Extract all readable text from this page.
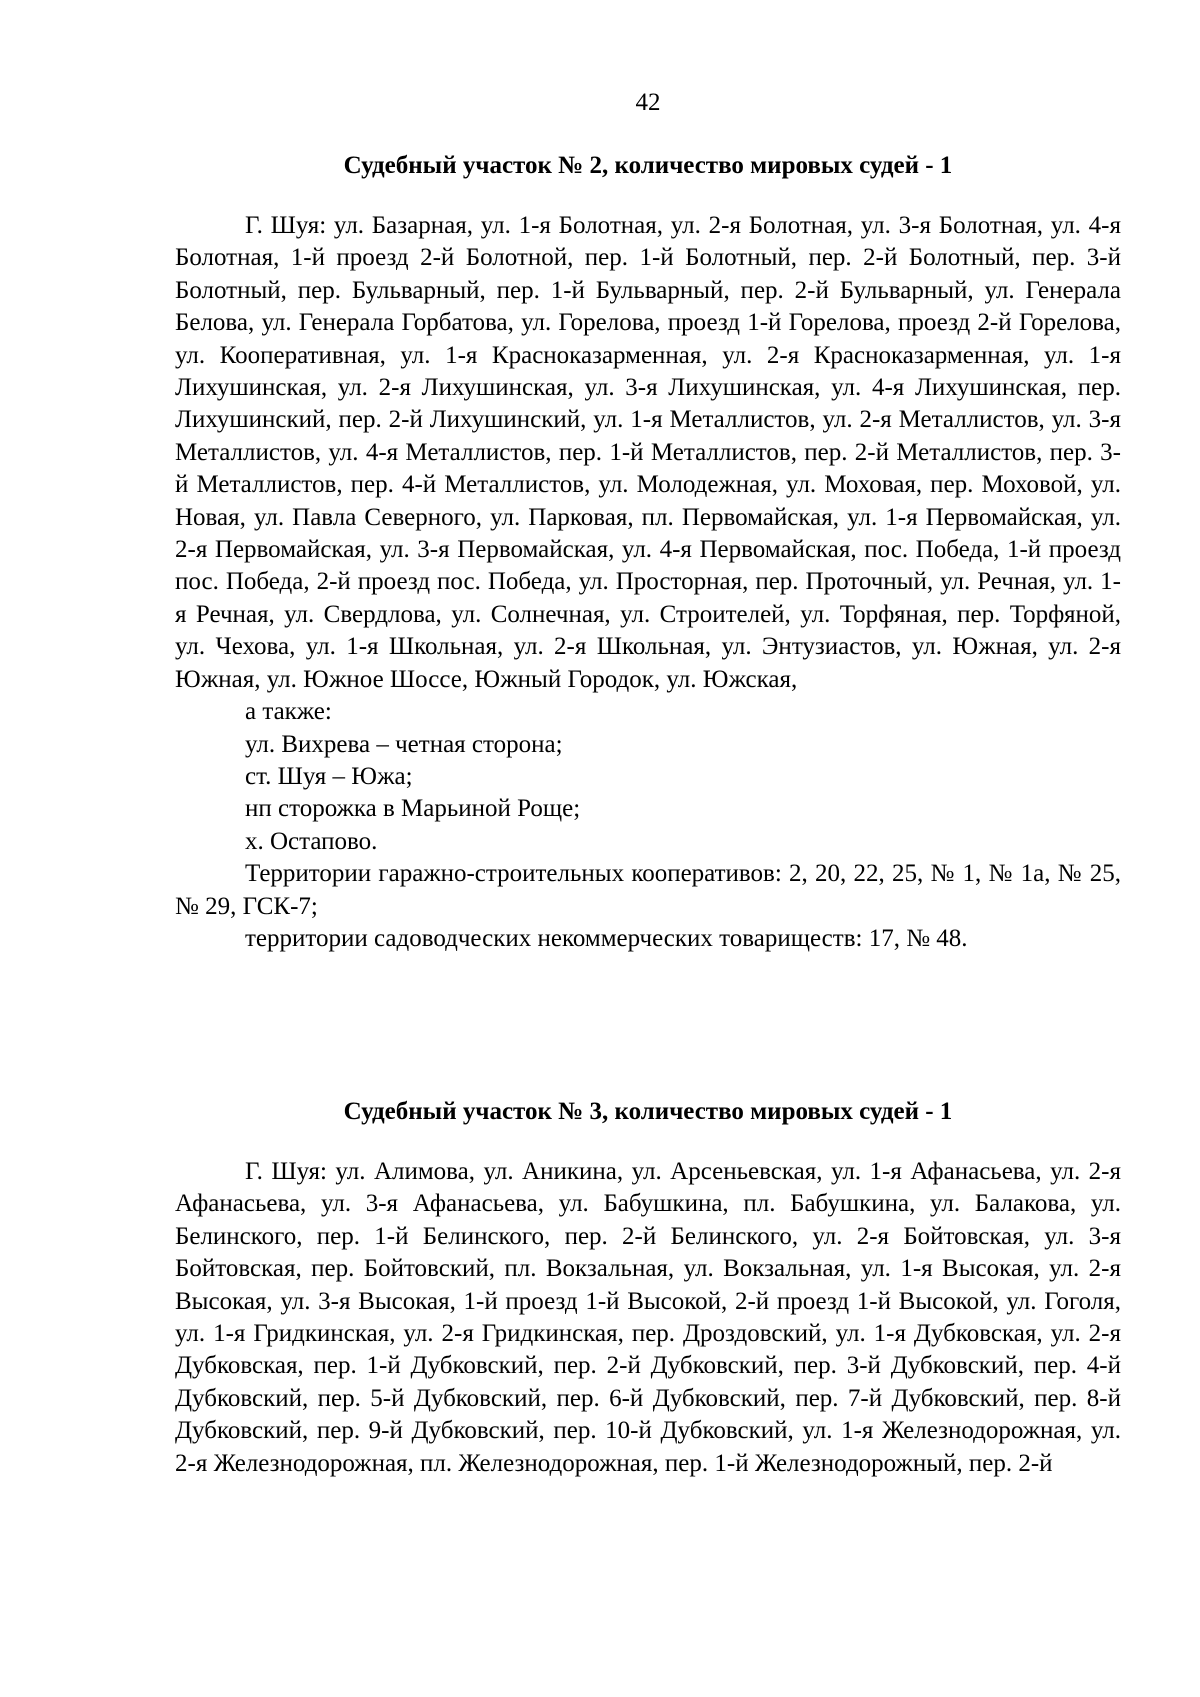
42

Судебный участок № 2, количество мировых судей - 1

Г. Шуя: ул. Базарная, ул. 1-я Болотная, ул. 2-я Болотная, ул. 3-я Болотная, ул. 4-я Болотная, 1-й проезд 2-й Болотной, пер. 1-й Болотный, пер. 2-й Болотный, пер. 3-й Болотный, пер. Бульварный, пер. 1-й Бульварный, пер. 2-й Бульварный, ул. Генерала Белова, ул. Генерала Горбатова, ул. Горелова, проезд 1-й Горелова, проезд 2-й Горелова, ул. Кооперативная, ул. 1-я Красноказарменная, ул. 2-я Красноказарменная, ул. 1-я Лихушинская, ул. 2-я Лихушинская, ул. 3-я Лихушинская, ул. 4-я Лихушинская, пер. Лихушинский, пер. 2-й Лихушинский, ул. 1-я Металлистов, ул. 2-я Металлистов, ул. 3-я Металлистов, ул. 4-я Металлистов, пер. 1-й Металлистов, пер. 2-й Металлистов, пер. 3-й Металлистов, пер. 4-й Металлистов, ул. Молодежная, ул. Моховая, пер. Моховой, ул. Новая, ул. Павла Северного, ул. Парковая, пл. Первомайская, ул. 1-я Первомайская, ул. 2-я Первомайская, ул. 3-я Первомайская, ул. 4-я Первомайская, пос. Победа, 1-й проезд пос. Победа, 2-й проезд пос. Победа, ул. Просторная, пер. Проточный, ул. Речная, ул. 1-я Речная, ул. Свердлова, ул. Солнечная, ул. Строителей, ул. Торфяная, пер. Торфяной, ул. Чехова, ул. 1-я Школьная, ул. 2-я Школьная, ул. Энтузиастов, ул. Южная, ул. 2-я Южная, ул. Южное Шоссе, Южный Городок, ул. Южская,

а также:

ул. Вихрева – четная сторона;

ст. Шуя – Южа;

нп сторожка в Марьиной Роще;

х. Остапово.

Территории гаражно-строительных кооперативов: 2, 20, 22, 25, № 1, № 1а, № 25, № 29, ГСК-7;

территории садоводческих некоммерческих товариществ: 17, № 48.

Судебный участок № 3, количество мировых судей - 1

Г. Шуя: ул. Алимова, ул. Аникина, ул. Арсеньевская, ул. 1-я Афанасьева, ул. 2-я Афанасьева, ул. 3-я Афанасьева, ул. Бабушкина, пл. Бабушкина, ул. Балакова, ул. Белинского, пер. 1-й Белинского, пер. 2-й Белинского, ул. 2-я Бойтовская, ул. 3-я Бойтовская, пер. Бойтовский, пл. Вокзальная, ул. Вокзальная, ул. 1-я Высокая, ул. 2-я Высокая, ул. 3-я Высокая, 1-й проезд 1-й Высокой, 2-й проезд 1-й Высокой, ул. Гоголя, ул. 1-я Гридкинская, ул. 2-я Гридкинская, пер. Дроздовский, ул. 1-я Дубковская, ул. 2-я Дубковская, пер. 1-й Дубковский, пер. 2-й Дубковский, пер. 3-й Дубковский, пер. 4-й Дубковский, пер. 5-й Дубковский, пер. 6-й Дубковский, пер. 7-й Дубковский, пер. 8-й Дубковский, пер. 9-й Дубковский, пер. 10-й Дубковский, ул. 1-я Железнодорожная, ул. 2-я Железнодорожная, пл. Железнодорожная, пер. 1-й Железнодорожный, пер. 2-й
